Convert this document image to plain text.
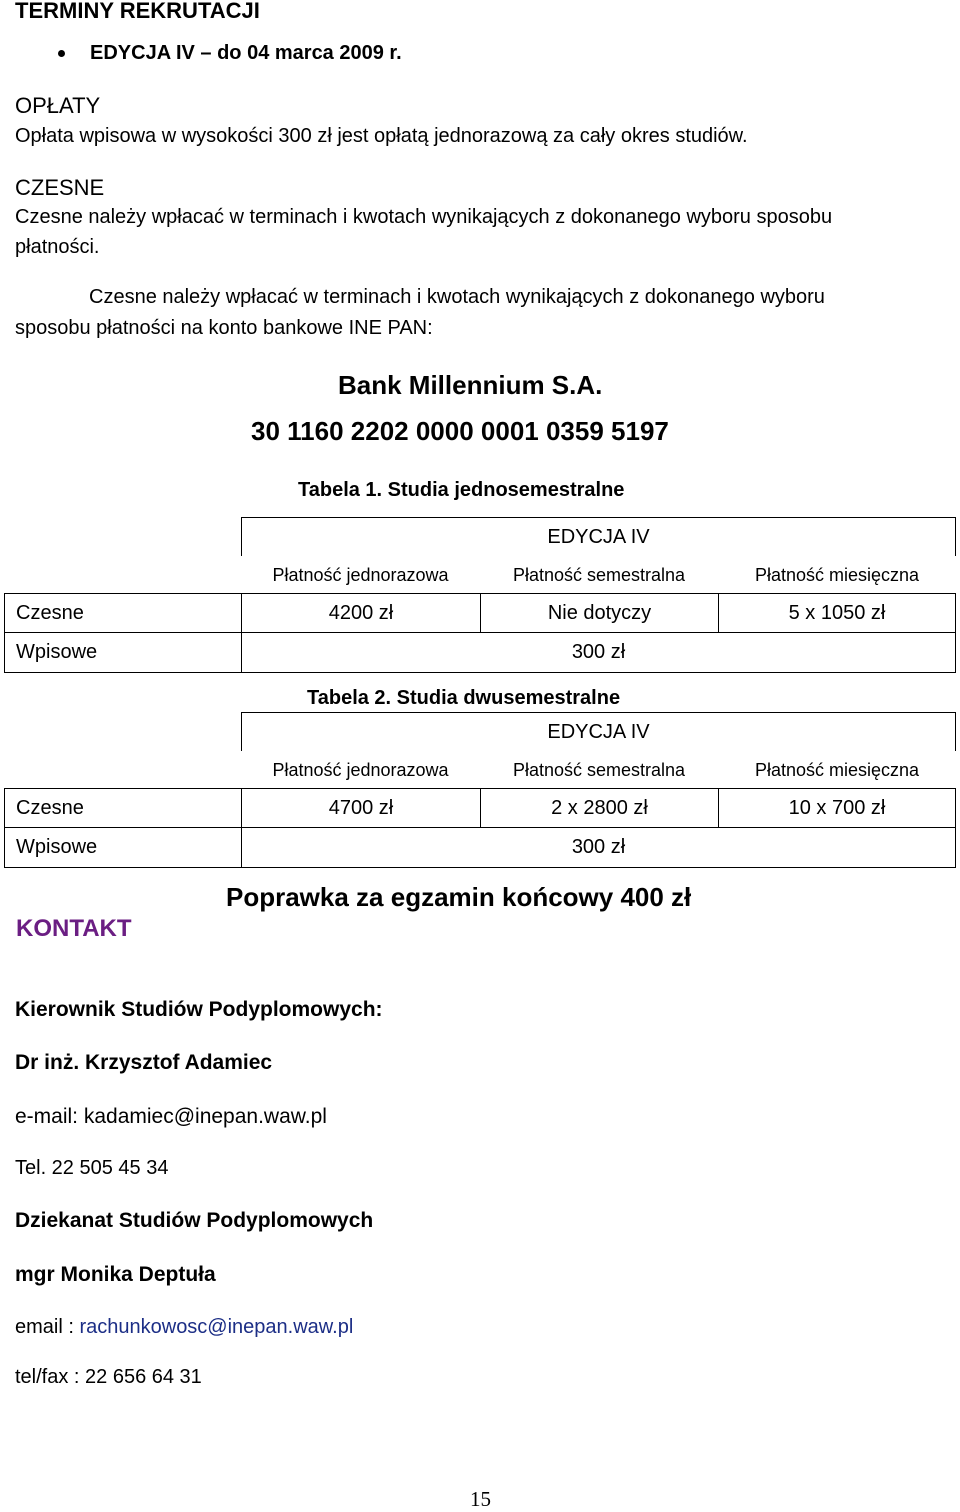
TERMINY REKRUTACJI
EDYCJA IV – do 04 marca 2009 r.
OPŁATY
Opłata wpisowa w wysokości 300 zł jest opłatą jednorazową za cały okres studiów.
CZESNE
Czesne należy wpłacać w terminach i kwotach wynikających z dokonanego wyboru sposobu
płatności.
Czesne należy wpłacać w terminach i kwotach wynikających z dokonanego wyboru
sposobu płatności na konto bankowe INE PAN:
Bank Millennium S.A.
30 1160 2202 0000 0001 0359 5197
Tabela 1. Studia jednosemestralne
EDYCJA IV
Płatność jednorazowa	Płatność semestralna	Płatność miesięczna
Czesne	4200 zł	Nie dotyczy	5 x 1050 zł
Wpisowe	300 zł
Tabela 2. Studia dwusemestralne
EDYCJA IV
Płatność jednorazowa	Płatność semestralna	Płatność miesięczna
Czesne	4700 zł	2 x 2800 zł	10 x 700 zł
Wpisowe	300 zł
Poprawka za egzamin końcowy 400 zł
KONTAKT
Kierownik Studiów Podyplomowych:
Dr inż. Krzysztof Adamiec
e-mail: kadamiec@inepan.waw.pl
Tel. 22 505 45 34
Dziekanat Studiów Podyplomowych
mgr Monika Deptuła
email : rachunkowosc@inepan.waw.pl
tel/fax : 22 656 64 31
15
